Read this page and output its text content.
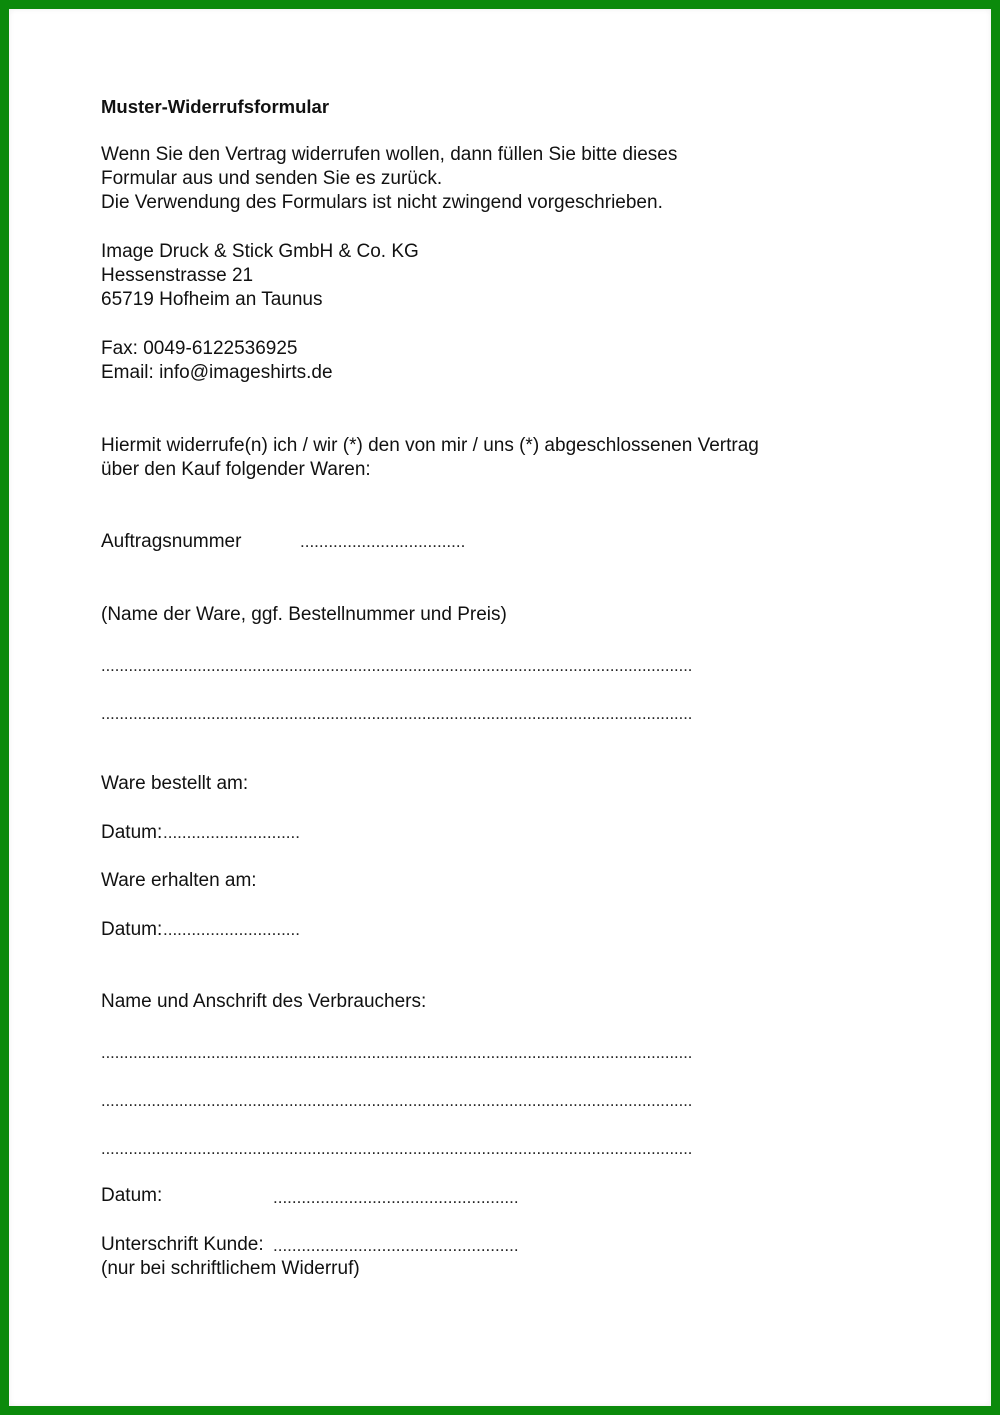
Muster-Widerrufsformular
Wenn Sie den Vertrag widerrufen wollen, dann füllen Sie bitte dieses
Formular aus und senden Sie es zurück.
Die Verwendung des Formulars ist nicht zwingend vorgeschrieben.
Image Druck & Stick GmbH & Co. KG
Hessenstrasse 21
65719 Hofheim an Taunus
Fax: 0049-6122536925
Email: info@imageshirts.de
Hiermit widerrufe(n) ich / wir (*) den von mir / uns (*) abgeschlossenen Vertrag
über den Kauf folgender Waren:
Auftragsnummer	...................................
(Name der Ware, ggf. Bestellnummer und Preis)
.................................................................................................................................
.................................................................................................................................
Ware bestellt am:
Datum: .............................
Ware erhalten am:
Datum: .............................
Name und Anschrift des Verbrauchers:
.................................................................................................................................
.................................................................................................................................
.................................................................................................................................
Datum:	....................................................
Unterschrift Kunde: ....................................................
(nur bei schriftlichem Widerruf)
